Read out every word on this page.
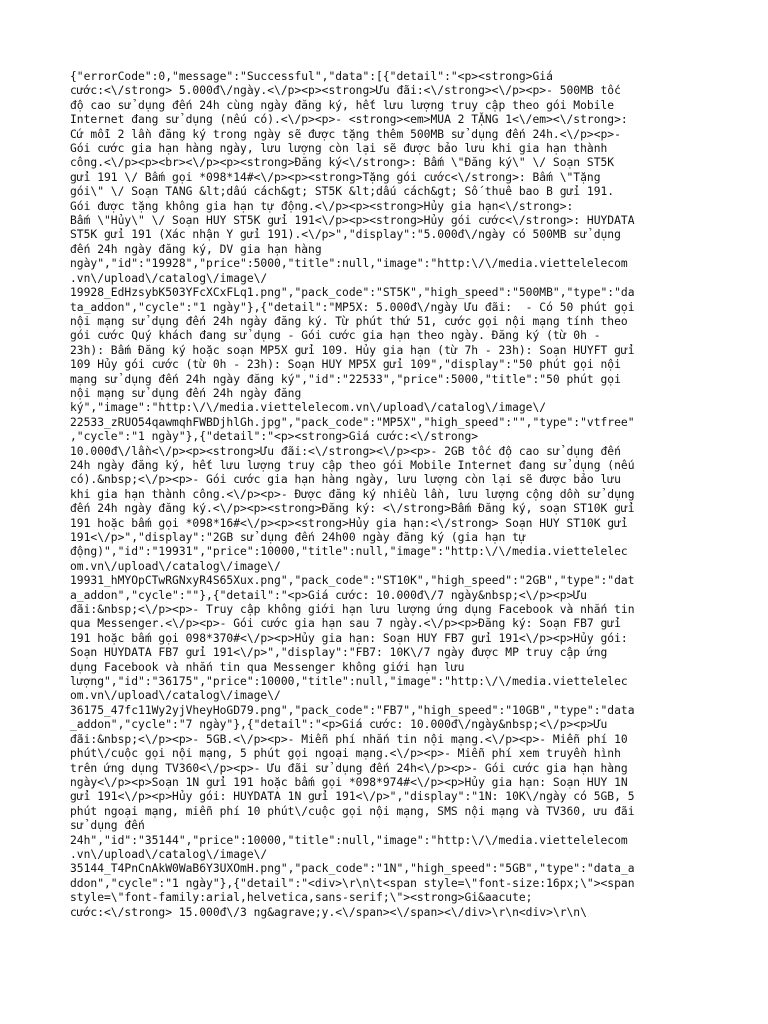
{"errorCode":0,"message":"Successful","data":[{"detail":"<p><strong>Giá
cước:<\/strong> 5.000đ\/ngày.<\/p><p><strong>Ưu đãi:<\/strong><\/p><p>- 500MB tốc
độ cao sử dụng đến 24h cùng ngày đăng ký, hết lưu lượng truy cập theo gói Mobile
Internet đang sử dụng (nếu có).<\/p><p>- <strong><em>MUA 2 TẶNG 1<\/em><\/strong>:
Cứ mỗi 2 lần đăng ký trong ngày sẽ được tặng thêm 500MB sử dụng đến 24h.<\/p><p>-
Gói cước gia hạn hàng ngày, lưu lượng còn lại sẽ được bảo lưu khi gia hạn thành
công.<\/p><p><br><\/p><p><strong>Đăng ký<\/strong>: Bấm \"Đăng ký\" \/ Soạn ST5K
gửi 191 \/ Bấm gọi *098*14#<\/p><p><strong>Tặng gói cước<\/strong>: Bấm \"Tặng
gói\" \/ Soạn TANG &lt;dấu cách&gt; ST5K &lt;dấu cách&gt; Số thuê bao B gửi 191.
Gói được tặng không gia hạn tự động.<\/p><p><strong>Hủy gia hạn<\/strong>:
Bấm \"Hủy\" \/ Soạn HUY ST5K gửi 191<\/p><p><strong>Hủy gói cước<\/strong>: HUYDATA
ST5K gửi 191 (Xác nhận Y gửi 191).<\/p>","display":"5.000đ\/ngày có 500MB sử dụng
đến 24h ngày đăng ký, DV gia hạn hàng
ngày","id":"19928","price":5000,"title":null,"image":"http:\/\/media.viettelelecom
.vn\/upload\/catalog\/image\/
19928_EdHzsybK503YFcXCxFLq1.png","pack_code":"ST5K","high_speed":"500MB","type":"da
ta_addon","cycle":"1 ngày"},{"detail":"MP5X: 5.000đ\/ngày Ưu đãi:  - Có 50 phút gọi
nội mạng sử dụng đến 24h ngày đăng ký. Từ phút thứ 51, cước gọi nội mạng tính theo
gói cước Quý khách đang sử dụng - Gói cước gia hạn theo ngày. Đăng ký (từ 0h -
23h): Bấm Đăng ký hoặc soạn MP5X gửi 109. Hủy gia hạn (từ 7h - 23h): Soạn HUYFT gửi
109 Hủy gói cước (từ 0h - 23h): Soạn HUY MP5X gửi 109","display":"50 phút gọi nội
mạng sử dụng đến 24h ngày đăng ký","id":"22533","price":5000,"title":"50 phút gọi
nội mạng sử dụng đến 24h ngày đăng
ký","image":"http:\/\/media.viettelelecom.vn\/upload\/catalog\/image\/
22533_zRUO54qawmqhFWBDjhlGh.jpg","pack_code":"MP5X","high_speed":"","type":"vtfree"
,"cycle":"1 ngày"},{"detail":"<p><strong>Giá cước:<\/strong>
10.000đ\/lần<\/p><p><strong>Ưu đãi:<\/strong><\/p><p>- 2GB tốc độ cao sử dụng đến
24h ngày đăng ký, hết lưu lượng truy cập theo gói Mobile Internet đang sử dụng (nếu
có).&nbsp;<\/p><p>- Gói cước gia hạn hàng ngày, lưu lượng còn lại sẽ được bảo lưu
khi gia hạn thành công.<\/p><p>- Được đăng ký nhiều lần, lưu lượng cộng dồn sử dụng
đến 24h ngày đăng ký.<\/p><p><strong>Đăng ký: <\/strong>Bấm Đăng ký, soạn ST10K gửi
191 hoặc bấm gọi *098*16#<\/p><p><strong>Hủy gia hạn:<\/strong> Soạn HUY ST10K gửi
191<\/p>","display":"2GB sử dụng đến 24h00 ngày đăng ký (gia hạn tự
động)","id":"19931","price":10000,"title":null,"image":"http:\/\/media.viettelelec
om.vn\/upload\/catalog\/image\/
19931_hMYOpCTwRGNxyR4S65Xux.png","pack_code":"ST10K","high_speed":"2GB","type":"dat
a_addon","cycle":""},{"detail":"<p>Giá cước: 10.000đ\/7 ngày&nbsp;<\/p><p>Ưu
đãi:&nbsp;<\/p><p>- Truy cập không giới hạn lưu lượng ứng dụng Facebook và nhắn tin
qua Messenger.<\/p><p>- Gói cước gia hạn sau 7 ngày.<\/p><p>Đăng ký: Soạn FB7 gửi
191 hoặc bấm gọi 098*370#<\/p><p>Hủy gia hạn: Soạn HUY FB7 gửi 191<\/p><p>Hủy gói:
Soạn HUYDATA FB7 gửi 191<\/p>","display":"FB7: 10K\/7 ngày được MP truy cập ứng
dụng Facebook và nhắn tin qua Messenger không giới hạn lưu
lượng","id":"36175","price":10000,"title":null,"image":"http:\/\/media.viettelelec
om.vn\/upload\/catalog\/image\/
36175_47fc11Wy2yjVheyHoGD79.png","pack_code":"FB7","high_speed":"10GB","type":"data
_addon","cycle":"7 ngày"},{"detail":"<p>Giá cước: 10.000đ\/ngày&nbsp;<\/p><p>Ưu
đãi:&nbsp;<\/p><p>- 5GB.<\/p><p>- Miễn phí nhắn tin nội mạng.<\/p><p>- Miễn phí 10
phút\/cuộc gọi nội mạng, 5 phút gọi ngoại mạng.<\/p><p>- Miễn phí xem truyền hình
trên ứng dụng TV360<\/p><p>- Ưu đãi sử dụng đến 24h<\/p><p>- Gói cước gia hạn hàng
ngày<\/p><p>Soạn 1N gửi 191 hoặc bấm gọi *098*974#<\/p><p>Hủy gia hạn: Soạn HUY 1N
gửi 191<\/p><p>Hủy gói: HUYDATA 1N gửi 191<\/p>","display":"1N: 10K\/ngày có 5GB, 5
phút ngoại mạng, miễn phí 10 phút\/cuộc gọi nội mạng, SMS nội mạng và TV360, ưu đãi
sử dụng đến
24h","id":"35144","price":10000,"title":null,"image":"http:\/\/media.viettelelecom
.vn\/upload\/catalog\/image\/
35144_T4PnCnAkW0WaB6Y3UXOmH.png","pack_code":"1N","high_speed":"5GB","type":"data_a
ddon","cycle":"1 ngày"},{"detail":"<div>\r\n\t<span style=\"font-size:16px;\"><span
style=\"font-family:arial,helvetica,sans-serif;\"><strong>Gi&aacute;
cước:<\/strong> 15.000đ\/3 ng&agrave;y.<\/span><\/span><\/div>\r\n<div>\r\n\
